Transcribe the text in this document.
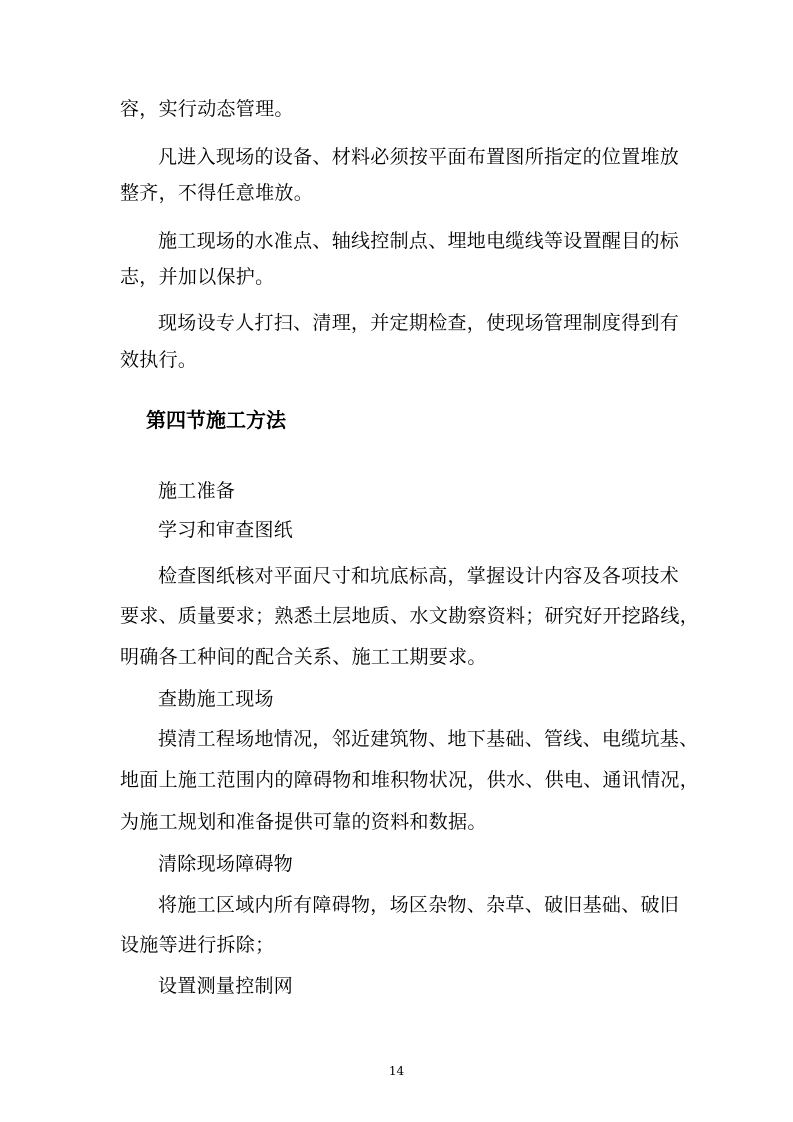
容，实行动态管理。
凡进入现场的设备、材料必须按平面布置图所指定的位置堆放
整齐，不得任意堆放。
施工现场的水准点、轴线控制点、埋地电缆线等设置醒目的标
志，并加以保护。
现场设专人打扫、清理，并定期检查，使现场管理制度得到有
效执行。
第四节施工方法
施工准备
学习和审查图纸
检查图纸核对平面尺寸和坑底标高，掌握设计内容及各项技术
要求、质量要求；熟悉土层地质、水文勘察资料；研究好开挖路线，
明确各工种间的配合关系、施工工期要求。
查勘施工现场
摸清工程场地情况，邻近建筑物、地下基础、管线、电缆坑基、
地面上施工范围内的障碍物和堆积物状况，供水、供电、通讯情况，
为施工规划和准备提供可靠的资料和数据。
清除现场障碍物
将施工区域内所有障碍物，场区杂物、杂草、破旧基础、破旧
设施等进行拆除；
设置测量控制网
14
